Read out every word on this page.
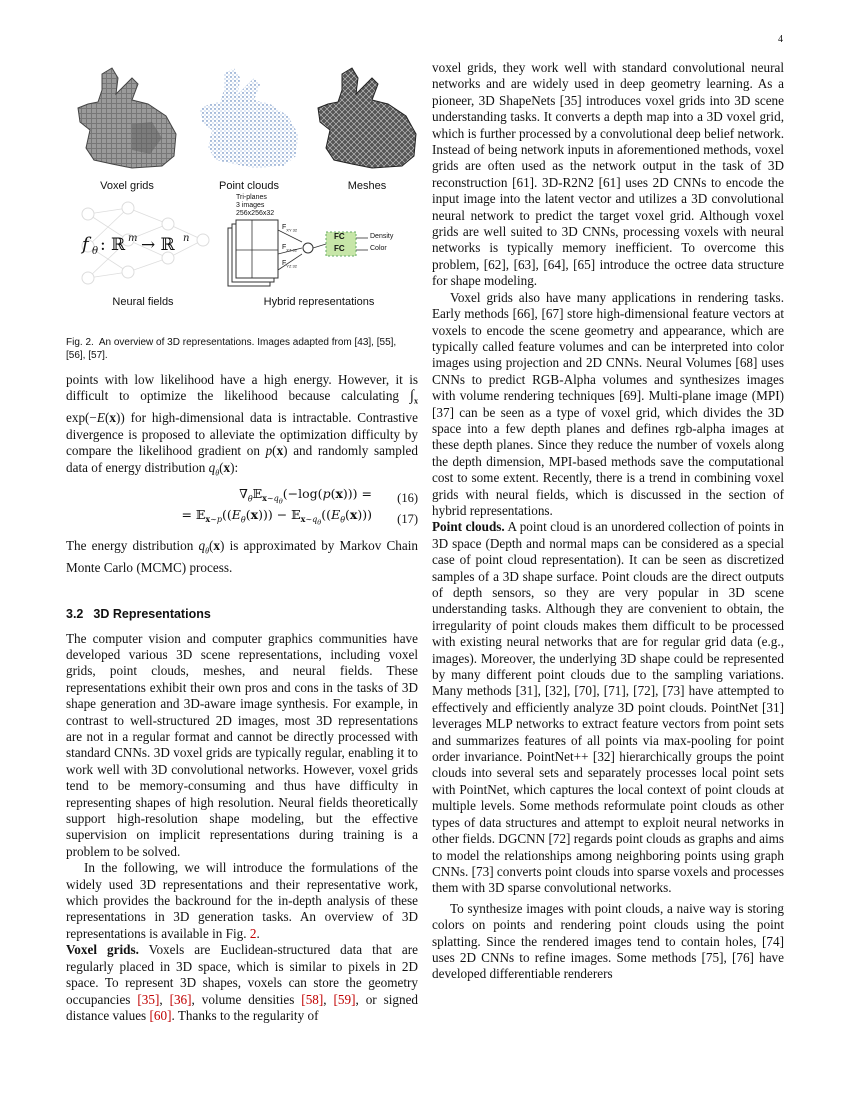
4
Voxel grids	Point clouds	Meshes
f θ : ℝ m → ℝ n
Tri-planes
3 images
256x256x32
$F_{XY 32}$
$F_{XZ 32}$
$F_{YZ 32}$
FC
FC
Density
Color
Neural fields	Hybrid representations
Fig. 2. An overview of 3D representations. Images adapted from [43], [55], [56], [57].

points with low likelihood have a high energy. However, it is difficult to optimize the likelihood because calculating $\int_x$ exp(−E(x)) for high-dimensional data is intractable. Contrastive divergence is proposed to alleviate the optimization difficulty by compare the likelihood gradient on p(x) and randomly sampled data of energy distribution $q_\theta(x)$:

$\nabla_\theta 𝔼_{x\sim q_\theta}(-\log(p(x)))$ =	(16)
= $𝔼_{x\sim p}((E_\theta(x)))$ − $𝔼_{x\sim q_\theta}((E_\theta(x)))$	(17)

The energy distribution $q_\theta(x)$ is approximated by Markov Chain Monte Carlo (MCMC) process.

3.2 3D Representations

The computer vision and computer graphics communities have developed various 3D scene representations, including voxel grids, point clouds, meshes, and neural fields. These representations exhibit their own pros and cons in the tasks of 3D shape generation and 3D-aware image synthesis. For example, in contrast to well-structured 2D images, most 3D representations are not in a regular format and cannot be directly processed with standard CNNs. 3D voxel grids are typically regular, enabling it to work well with 3D convolutional networks. However, voxel grids tend to be memory-consuming and thus have difficulty in representing shapes of high resolution. Neural fields theoretically support high-resolution shape modeling, but the effective supervision on implicit representations during training is a problem to be solved.

In the following, we will introduce the formulations of the widely used 3D representations and their representative work, which provides the backround for the in-depth analysis of these representations in 3D generation tasks. An overview of 3D representations is available in Fig. 2.

Voxel grids. Voxels are Euclidean-structured data that are regularly placed in 3D space, which is similar to pixels in 2D space. To represent 3D shapes, voxels can store the geometry occupancies [35], [36], volume densities [58], [59], or signed distance values [60]. Thanks to the regularity of

voxel grids, they work well with standard convolutional neural networks and are widely used in deep geometry learning. As a pioneer, 3D ShapeNets [35] introduces voxel grids into 3D scene understanding tasks. It converts a depth map into a 3D voxel grid, which is further processed by a convolutional deep belief network. Instead of being network inputs in aforementioned methods, voxel grids are often used as the network output in the task of 3D reconstruction [61]. 3D-R2N2 [61] uses 2D CNNs to encode the input image into the latent vector and utilizes a 3D convolutional neural network to predict the target voxel grid. Although voxel grids are well suited to 3D CNNs, processing voxels with neural networks is typically memory inefficient. To overcome this problem, [62], [63], [64], [65] introduce the octree data structure for shape modeling.

Voxel grids also have many applications in rendering tasks. Early methods [66], [67] store high-dimensional feature vectors at voxels to encode the scene geometry and appearance, which are typically called feature volumes and can be interpreted into color images using projection and 2D CNNs. Neural Volumes [68] uses CNNs to predict RGB-Alpha volumes and synthesizes images with volume rendering techniques [69]. Multi-plane image (MPI) [37] can be seen as a type of voxel grid, which divides the 3D space into a few depth planes and defines rgb-alpha images at these depth planes. Since they reduce the number of voxels along the depth dimension, MPI-based methods save the computational cost to some extent. Recently, there is a trend in combining voxel grids with neural fields, which is discussed in the section of hybrid representations.

Point clouds. A point cloud is an unordered collection of points in 3D space (Depth and normal maps can be considered as a special case of point cloud representation). It can be seen as discretized samples of a 3D shape surface. Point clouds are the direct outputs of depth sensors, so they are very popular in 3D scene understanding tasks. Although they are convenient to obtain, the irregularity of point clouds makes them difficult to be processed with existing neural networks that are for regular grid data (e.g., images). Moreover, the underlying 3D shape could be represented by many different point clouds due to the sampling variations. Many methods [31], [32], [70], [71], [72], [73] have attempted to effectively and efficiently analyze 3D point clouds. PointNet [31] leverages MLP networks to extract feature vectors from point sets and summarizes features of all points via max-pooling for point order invariance. PointNet++ [32] hierarchically groups the point clouds into several sets and separately processes local point sets with PointNet, which captures the local context of point clouds at multiple levels. Some methods reformulate point clouds as other types of data structures and attempt to exploit neural networks in other fields. DGCNN [72] regards point clouds as graphs and aims to model the relationships among neighboring points using graph CNNs. [73] converts point clouds into sparse voxels and processes them with 3D sparse convolutional networks.

To synthesize images with point clouds, a naive way is storing colors on points and rendering point clouds using the point splatting. Since the rendered images tend to contain holes, [74] uses 2D CNNs to refine images. Some methods [75], [76] have developed differentiable renderers
